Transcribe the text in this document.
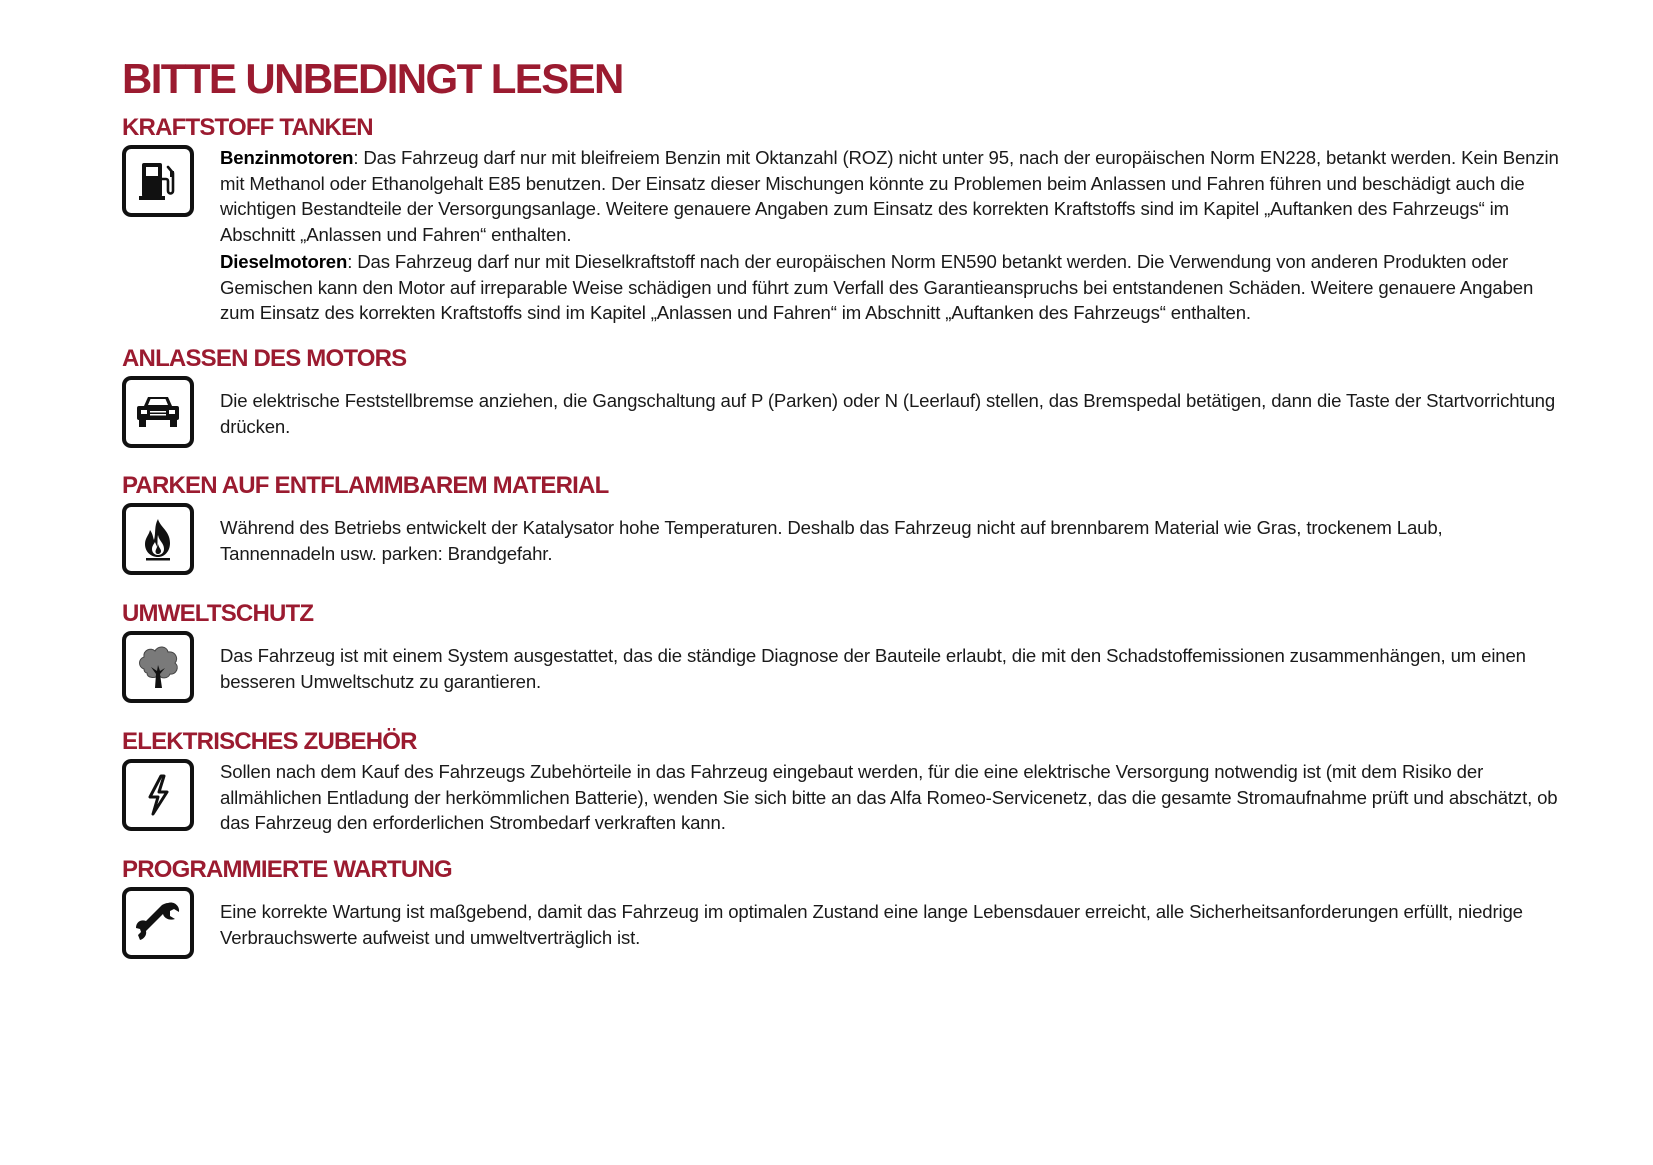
BITTE UNBEDINGT LESEN
KRAFTSTOFF TANKEN

Benzinmotoren: Das Fahrzeug darf nur mit bleifreiem Benzin mit Oktanzahl (ROZ) nicht unter 95, nach der europäischen Norm EN228, betankt werden. Kein Benzin mit Methanol oder Ethanolgehalt E85 benutzen. Der Einsatz dieser Mischungen könnte zu Problemen beim Anlassen und Fahren führen und beschädigt auch die wichtigen Bestandteile der Versorgungsanlage. Weitere genauere Angaben zum Einsatz des korrekten Kraftstoffs sind im Kapitel „Auftanken des Fahrzeugs“ im Abschnitt „Anlassen und Fahren“ enthalten.

Dieselmotoren: Das Fahrzeug darf nur mit Dieselkraftstoff nach der europäischen Norm EN590 betankt werden. Die Verwendung von anderen Produkten oder Gemischen kann den Motor auf irreparable Weise schädigen und führt zum Verfall des Garantieanspruchs bei entstandenen Schäden. Weitere genauere Angaben zum Einsatz des korrekten Kraftstoffs sind im Kapitel „Anlassen und Fahren“ im Abschnitt „Auftanken des Fahrzeugs“ enthalten.

ANLASSEN DES MOTORS

Die elektrische Feststellbremse anziehen, die Gangschaltung auf P (Parken) oder N (Leerlauf) stellen, das Bremspedal betätigen, dann die Taste der Startvorrichtung drücken.

PARKEN AUF ENTFLAMMBAREM MATERIAL

Während des Betriebs entwickelt der Katalysator hohe Temperaturen. Deshalb das Fahrzeug nicht auf brennbarem Material wie Gras, trockenem Laub, Tannennadeln usw. parken: Brandgefahr.

UMWELTSCHUTZ

Das Fahrzeug ist mit einem System ausgestattet, das die ständige Diagnose der Bauteile erlaubt, die mit den Schadstoffemissionen zusammenhängen, um einen besseren Umweltschutz zu garantieren.

ELEKTRISCHES ZUBEHÖR

Sollen nach dem Kauf des Fahrzeugs Zubehörteile in das Fahrzeug eingebaut werden, für die eine elektrische Versorgung notwendig ist (mit dem Risiko der allmählichen Entladung der herkömmlichen Batterie), wenden Sie sich bitte an das Alfa Romeo-Servicenetz, das die gesamte Stromaufnahme prüft und abschätzt, ob das Fahrzeug den erforderlichen Strombedarf verkraften kann.

PROGRAMMIERTE WARTUNG

Eine korrekte Wartung ist maßgebend, damit das Fahrzeug im optimalen Zustand eine lange Lebensdauer erreicht, alle Sicherheitsanforderungen erfüllt, niedrige Verbrauchswerte aufweist und umweltverträglich ist.
